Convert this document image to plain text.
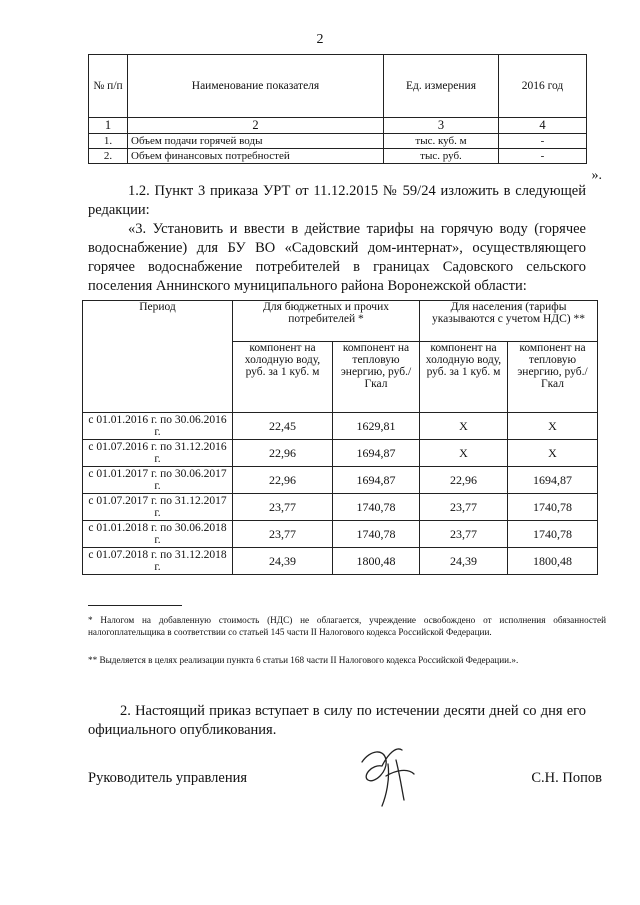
2
№ п/п	Наименование показателя	Ед. измерения	2016 год
1	2	3	4
1.	Объем подачи горячей воды	тыс. куб. м	-
2.	Объем финансовых потребностей	тыс. руб.	-
».
1.2. Пункт 3 приказа УРТ от 11.12.2015 № 59/24 изложить в следующей редакции:
«3. Установить и ввести в действие тарифы на горячую воду (горячее водоснабжение) для БУ ВО «Садовский дом-интернат», осуществляющего горячее водоснабжение потребителей в границах Садовского сельского поселения Аннинского муниципального района Воронежской области:
Период	Для бюджетных и прочих потребителей *		Для населения (тарифы указываются с учетом НДС) **	
	компонент на холодную воду, руб. за 1 куб. м	компонент на тепловую энергию, руб./Гкал	компонент на холодную воду, руб. за 1 куб. м	компонент на тепловую энергию, руб./Гкал
с 01.01.2016 г. по 30.06.2016 г.	22,45	1629,81	X	X
с 01.07.2016 г. по 31.12.2016 г.	22,96	1694,87	X	X
с 01.01.2017 г. по 30.06.2017 г.	22,96	1694,87	22,96	1694,87
с 01.07.2017 г. по 31.12.2017 г.	23,77	1740,78	23,77	1740,78
с 01.01.2018 г. по 30.06.2018 г.	23,77	1740,78	23,77	1740,78
с 01.07.2018 г. по 31.12.2018 г.	24,39	1800,48	24,39	1800,48
* Налогом на добавленную стоимость (НДС) не облагается, учреждение освобождено от исполнения обязанностей налогоплательщика в соответствии со статьей 145 части II Налогового кодекса Российской Федерации.
** Выделяется в целях реализации пункта 6 статьи 168 части II Налогового кодекса Российской Федерации.».
2. Настоящий приказ вступает в силу по истечении десяти дней со дня его официального опубликования.
Руководитель управления	С.Н. Попов
